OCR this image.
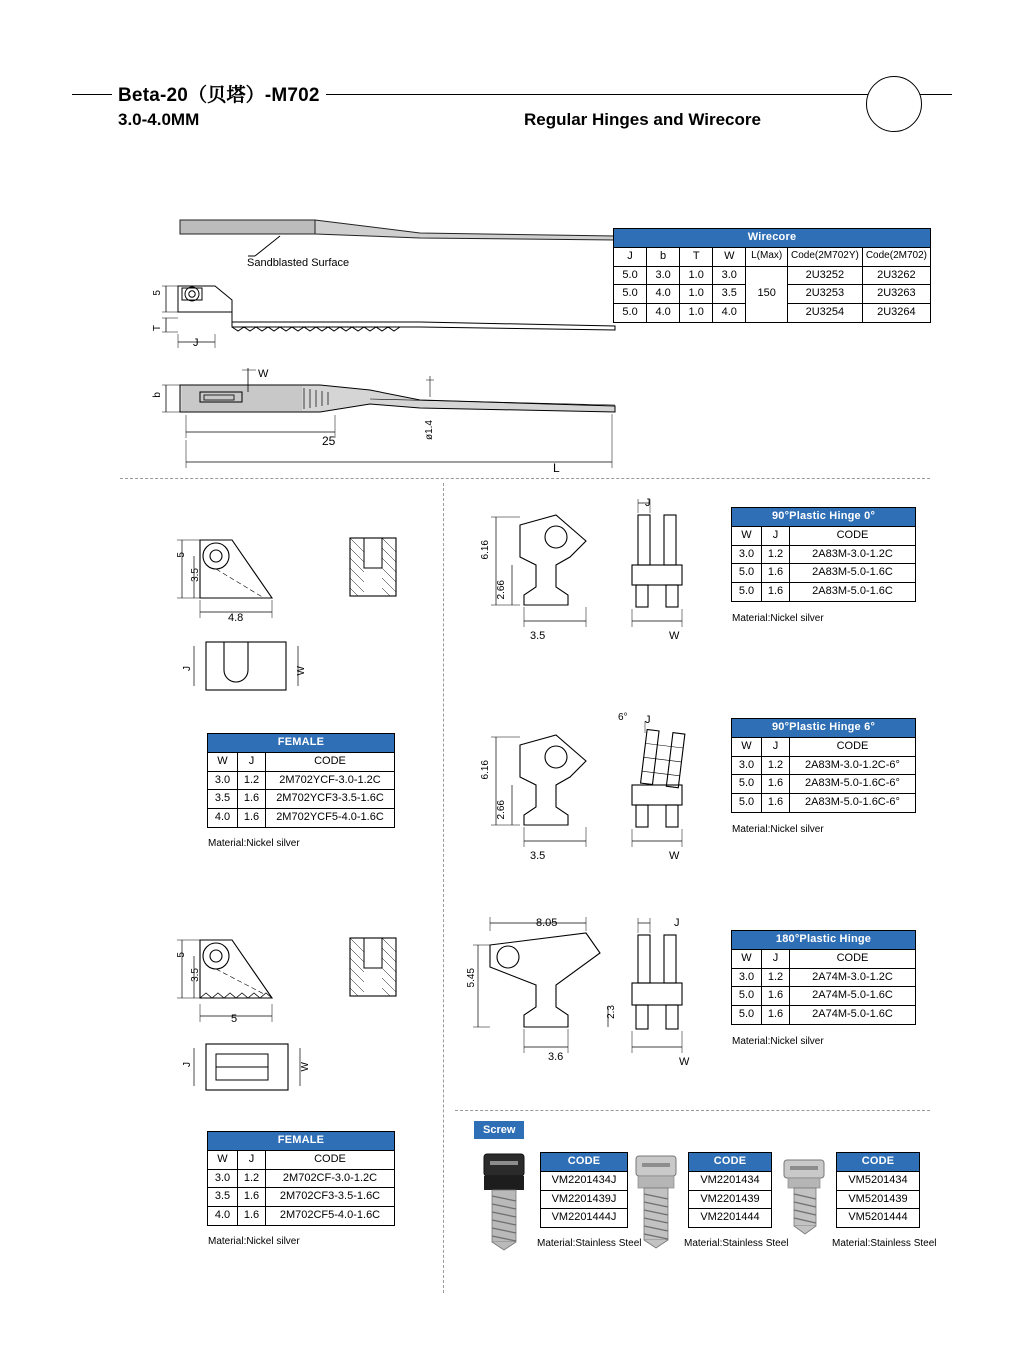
Beta-20（贝塔）-M702
3.0-4.0MM	Regular Hinges and Wirecore
Sandblasted Surface
5
T
J
b
W
25
L
ø1.4
Wirecore						
J	b	T	W	L(Max)	Code(2M702Y)	Code(2M702)
5.0	3.0	1.0	3.0	150	2U3252	2U3262
5.0	4.0	1.0	3.5		2U3253	2U3263
5.0	4.0	1.0	4.0		2U3254	2U3264
5
3.5
4.8
J	W
FEMALE		
W	J	CODE
3.0	1.2	2M702YCF-3.0-1.2C
3.5	1.6	2M702YCF3-3.5-1.6C
4.0	1.6	2M702YCF5-4.0-1.6C
Material:Nickel silver
5
3.5
5
J	W
FEMALE		
W	J	CODE
3.0	1.2	2M702CF-3.0-1.2C
3.5	1.6	2M702CF3-3.5-1.6C
4.0	1.6	2M702CF5-4.0-1.6C
Material:Nickel silver
6.16
2.66
3.5
J
W
90°Plastic Hinge 0°		
W	J	CODE
3.0	1.2	2A83M-3.0-1.2C
5.0	1.6	2A83M-5.0-1.6C
5.0	1.6	2A83M-5.0-1.6C
Material:Nickel silver
6.16
2.66
3.5
6° J
W
90°Plastic Hinge 6°		
W	J	CODE
3.0	1.2	2A83M-3.0-1.2C-6°
5.0	1.6	2A83M-5.0-1.6C-6°
5.0	1.6	2A83M-5.0-1.6C-6°
Material:Nickel silver
8.05
5.45
3.6
2.3
J
W
180°Plastic Hinge		
W	J	CODE
3.0	1.2	2A74M-3.0-1.2C
5.0	1.6	2A74M-5.0-1.6C
5.0	1.6	2A74M-5.0-1.6C
Material:Nickel silver
Screw
CODE
VM2201434J
VM2201439J
VM2201444J
Material:Stainless Steel
CODE
VM2201434
VM2201439
VM2201444
Material:Stainless Steel
CODE
VM5201434
VM5201439
VM5201444
Material:Stainless Steel
